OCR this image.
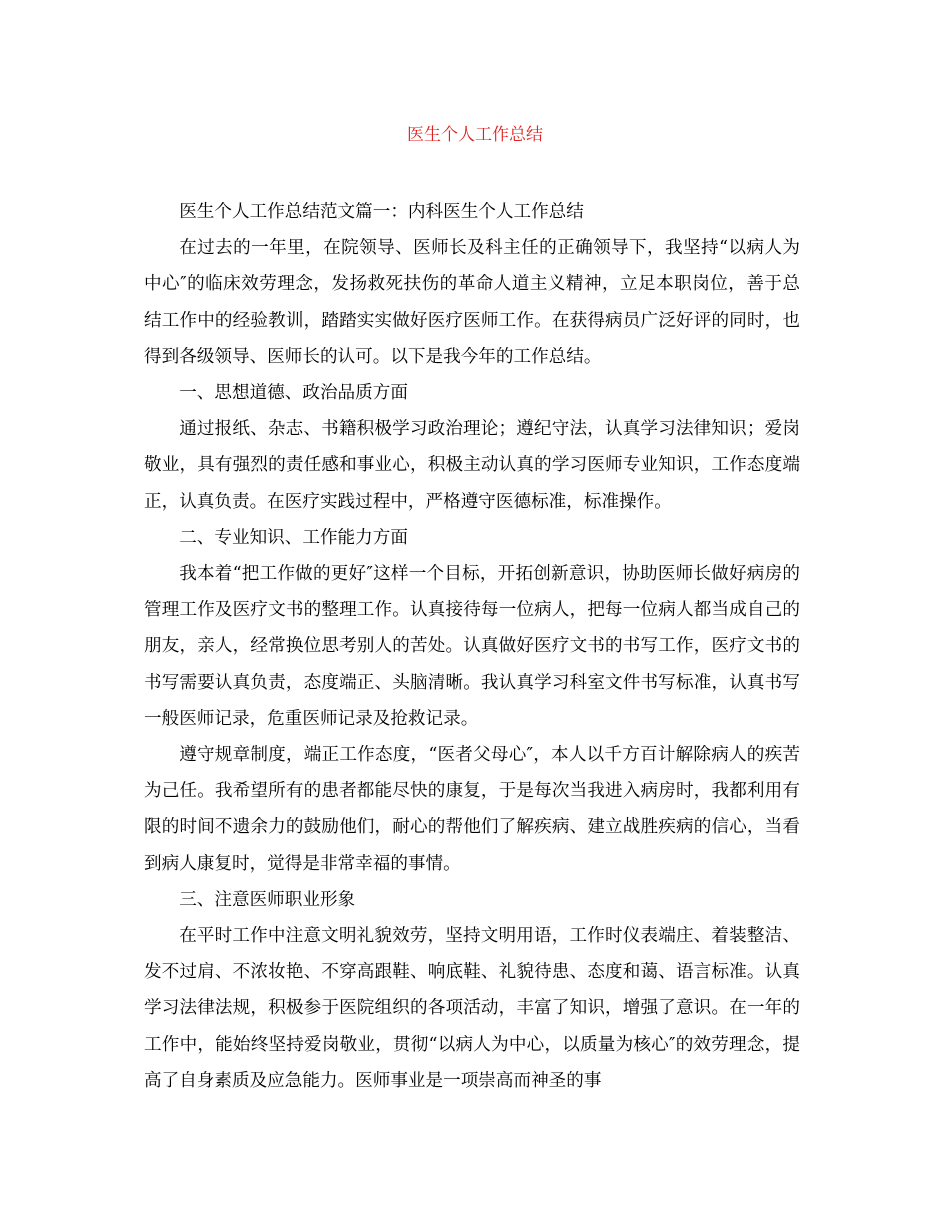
医生个人工作总结

医生个人工作总结范文篇一：内科医生个人工作总结

在过去的一年里，在院领导、医师长及科主任的正确领导下，我坚持“以病人为中心″的临床效劳理念，发扬救死扶伤的革命人道主义精神，立足本职岗位，善于总结工作中的经验教训，踏踏实实做好医疗医师工作。在获得病员广泛好评的同时，也得到各级领导、医师长的认可。以下是我今年的工作总结。

一、思想道德、政治品质方面

通过报纸、杂志、书籍积极学习政治理论；遵纪守法，认真学习法律知识；爱岗敬业，具有强烈的责任感和事业心，积极主动认真的学习医师专业知识，工作态度端正，认真负责。在医疗实践过程中，严格遵守医德标准，标准操作。

二、专业知识、工作能力方面

我本着“把工作做的更好″这样一个目标，开拓创新意识，协助医师长做好病房的管理工作及医疗文书的整理工作。认真接待每一位病人，把每一位病人都当成自己的朋友，亲人，经常换位思考别人的苦处。认真做好医疗文书的书写工作，医疗文书的书写需要认真负责，态度端正、头脑清晰。我认真学习科室文件书写标准，认真书写一般医师记录，危重医师记录及抢救记录。

遵守规章制度，端正工作态度，“医者父母心″，本人以千方百计解除病人的疾苦为己任。我希望所有的患者都能尽快的康复，于是每次当我进入病房时，我都利用有限的时间不遗余力的鼓励他们，耐心的帮他们了解疾病、建立战胜疾病的信心，当看到病人康复时，觉得是非常幸福的事情。

三、注意医师职业形象

在平时工作中注意文明礼貌效劳，坚持文明用语，工作时仪表端庄、着装整洁、发不过肩、不浓妆艳、不穿高跟鞋、响底鞋、礼貌待患、态度和蔼、语言标准。认真学习法律法规，积极参于医院组织的各项活动，丰富了知识，增强了意识。在一年的工作中，能始终坚持爱岗敬业，贯彻“以病人为中心，以质量为核心″的效劳理念，提高了自身素质及应急能力。医师事业是一项崇高而神圣的事
